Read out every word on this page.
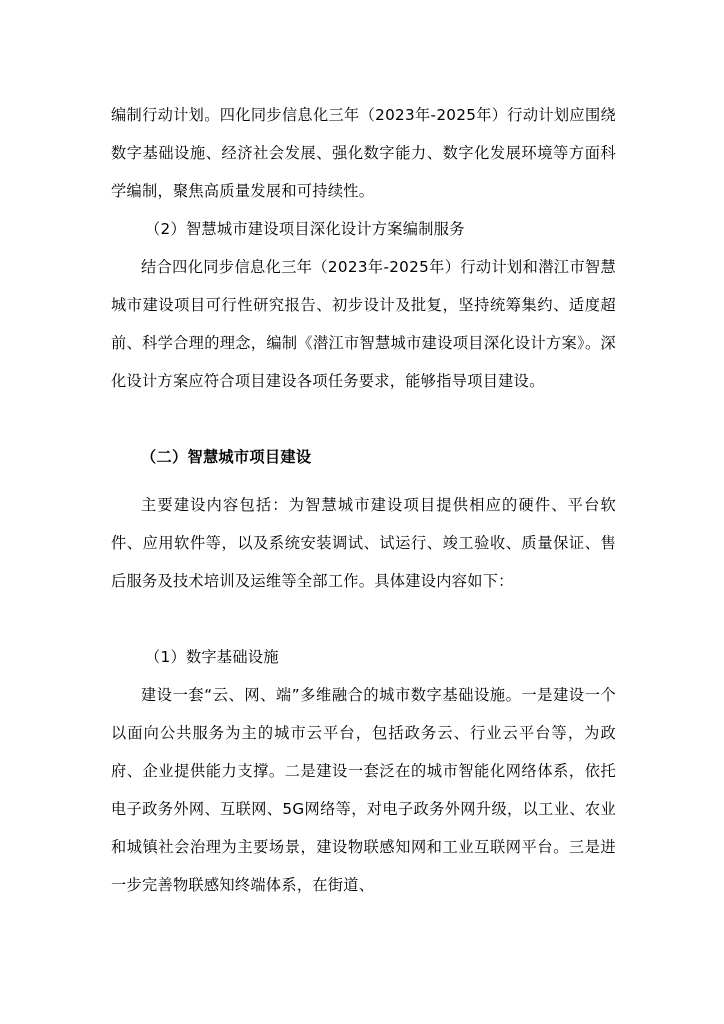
编制行动计划。四化同步信息化三年（2023年-2025年）行动计划应围绕数字基础设施、经济社会发展、强化数字能力、数字化发展环境等方面科学编制，聚焦高质量发展和可持续性。

（2）智慧城市建设项目深化设计方案编制服务

结合四化同步信息化三年（2023年-2025年）行动计划和潜江市智慧城市建设项目可行性研究报告、初步设计及批复，坚持统筹集约、适度超前、科学合理的理念，编制《潜江市智慧城市建设项目深化设计方案》。深化设计方案应符合项目建设各项任务要求，能够指导项目建设。

（二）智慧城市项目建设

主要建设内容包括：为智慧城市建设项目提供相应的硬件、平台软件、应用软件等，以及系统安装调试、试运行、竣工验收、质量保证、售后服务及技术培训及运维等全部工作。具体建设内容如下：

（1）数字基础设施

建设一套“云、网、端”多维融合的城市数字基础设施。一是建设一个以面向公共服务为主的城市云平台，包括政务云、行业云平台等，为政府、企业提供能力支撑。二是建设一套泛在的城市智能化网络体系，依托电子政务外网、互联网、5G网络等，对电子政务外网升级，以工业、农业和城镇社会治理为主要场景，建设物联感知网和工业互联网平台。三是进一步完善物联感知终端体系，在街道、
